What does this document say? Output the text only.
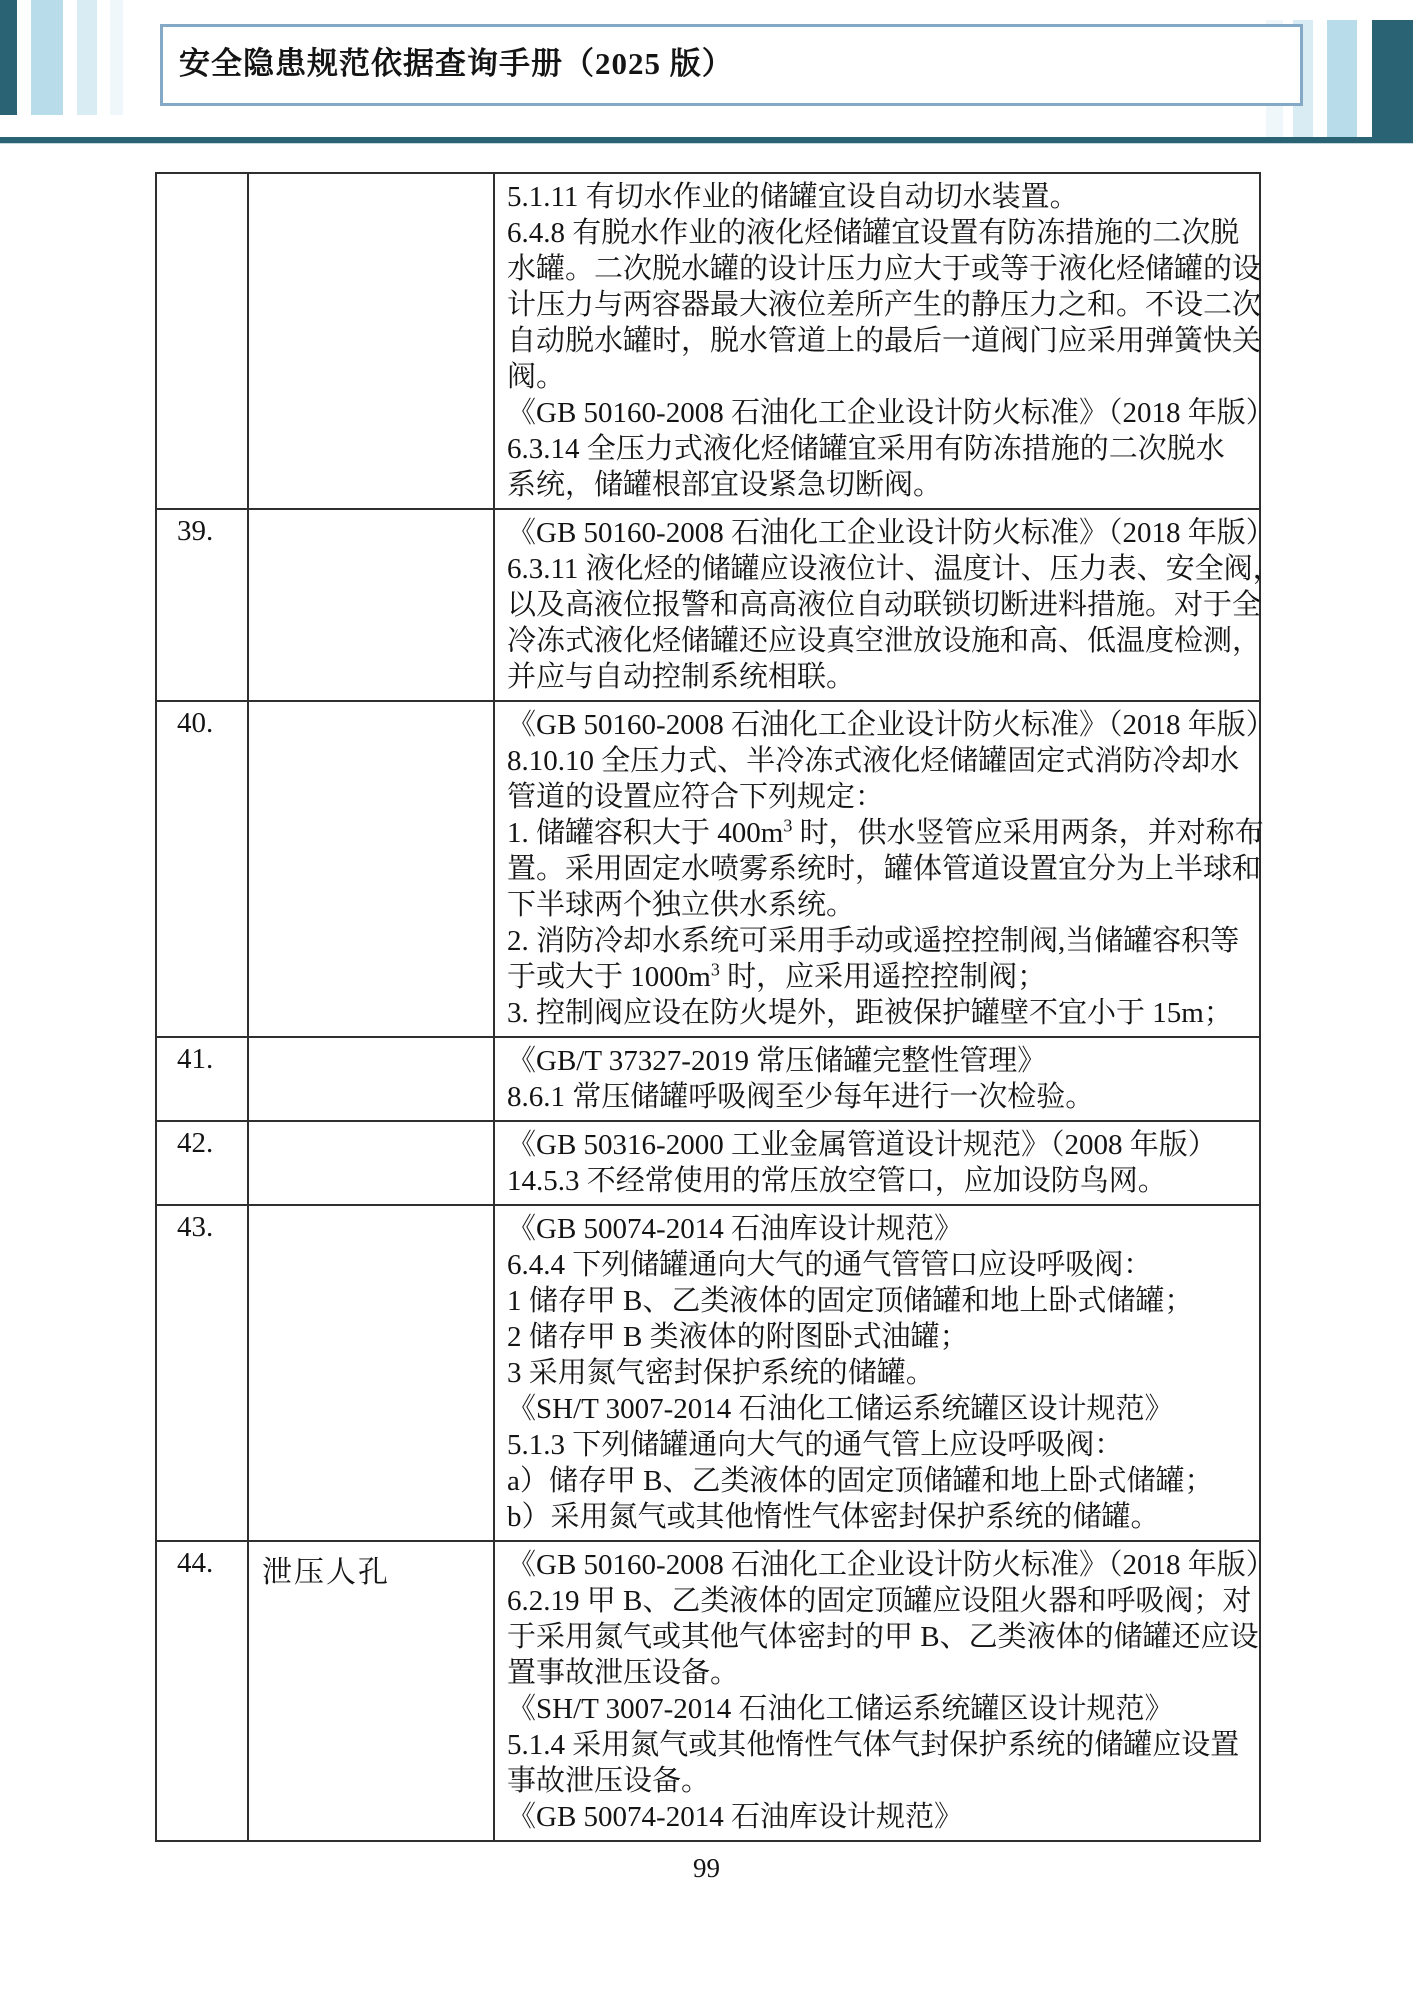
安全隐患规范依据查询手册（2025 版）

5.1.11 有切水作业的储罐宜设自动切水装置。
6.4.8 有脱水作业的液化烃储罐宜设置有防冻措施的二次脱
水罐。二次脱水罐的设计压力应大于或等于液化烃储罐的设
计压力与两容器最大液位差所产生的静压力之和。不设二次
自动脱水罐时，脱水管道上的最后一道阀门应采用弹簧快关
阀。
《GB 50160-2008 石油化工企业设计防火标准》（2018 年版）
6.3.14 全压力式液化烃储罐宜采用有防冻措施的二次脱水
系统，储罐根部宜设紧急切断阀。

39.		《GB 50160-2008 石油化工企业设计防火标准》（2018 年版）
6.3.11 液化烃的储罐应设液位计、温度计、压力表、安全阀，
以及高液位报警和高高液位自动联锁切断进料措施。对于全
冷冻式液化烃储罐还应设真空泄放设施和高、低温度检测，
并应与自动控制系统相联。

40.		《GB 50160-2008 石油化工企业设计防火标准》（2018 年版）
8.10.10 全压力式、半冷冻式液化烃储罐固定式消防冷却水
管道的设置应符合下列规定：
1. 储罐容积大于 $400m^3$ 时，供水竖管应采用两条，并对称布
置。采用固定水喷雾系统时，罐体管道设置宜分为上半球和
下半球两个独立供水系统。
2. 消防冷却水系统可采用手动或遥控控制阀,当储罐容积等
于或大于 $1000m^3$ 时，应采用遥控控制阀；
3. 控制阀应设在防火堤外，距被保护罐壁不宜小于 15m；

41.		《GB/T 37327-2019 常压储罐完整性管理》
8.6.1 常压储罐呼吸阀至少每年进行一次检验。

42.		《GB 50316-2000 工业金属管道设计规范》（2008 年版）
14.5.3 不经常使用的常压放空管口，应加设防鸟网。

43.		《GB 50074-2014 石油库设计规范》
6.4.4 下列储罐通向大气的通气管管口应设呼吸阀：
1 储存甲 B、乙类液体的固定顶储罐和地上卧式储罐；
2 储存甲 B 类液体的附图卧式油罐；
3 采用氮气密封保护系统的储罐。
《SH/T 3007-2014 石油化工储运系统罐区设计规范》
5.1.3 下列储罐通向大气的通气管上应设呼吸阀：
a）储存甲 B、乙类液体的固定顶储罐和地上卧式储罐；
b）采用氮气或其他惰性气体密封保护系统的储罐。

44.	泄压人孔	《GB 50160-2008 石油化工企业设计防火标准》（2018 年版）
6.2.19 甲 B、乙类液体的固定顶罐应设阻火器和呼吸阀；对
于采用氮气或其他气体密封的甲 B、乙类液体的储罐还应设
置事故泄压设备。
《SH/T 3007-2014 石油化工储运系统罐区设计规范》
5.1.4 采用氮气或其他惰性气体气封保护系统的储罐应设置
事故泄压设备。
《GB 50074-2014 石油库设计规范》
99
